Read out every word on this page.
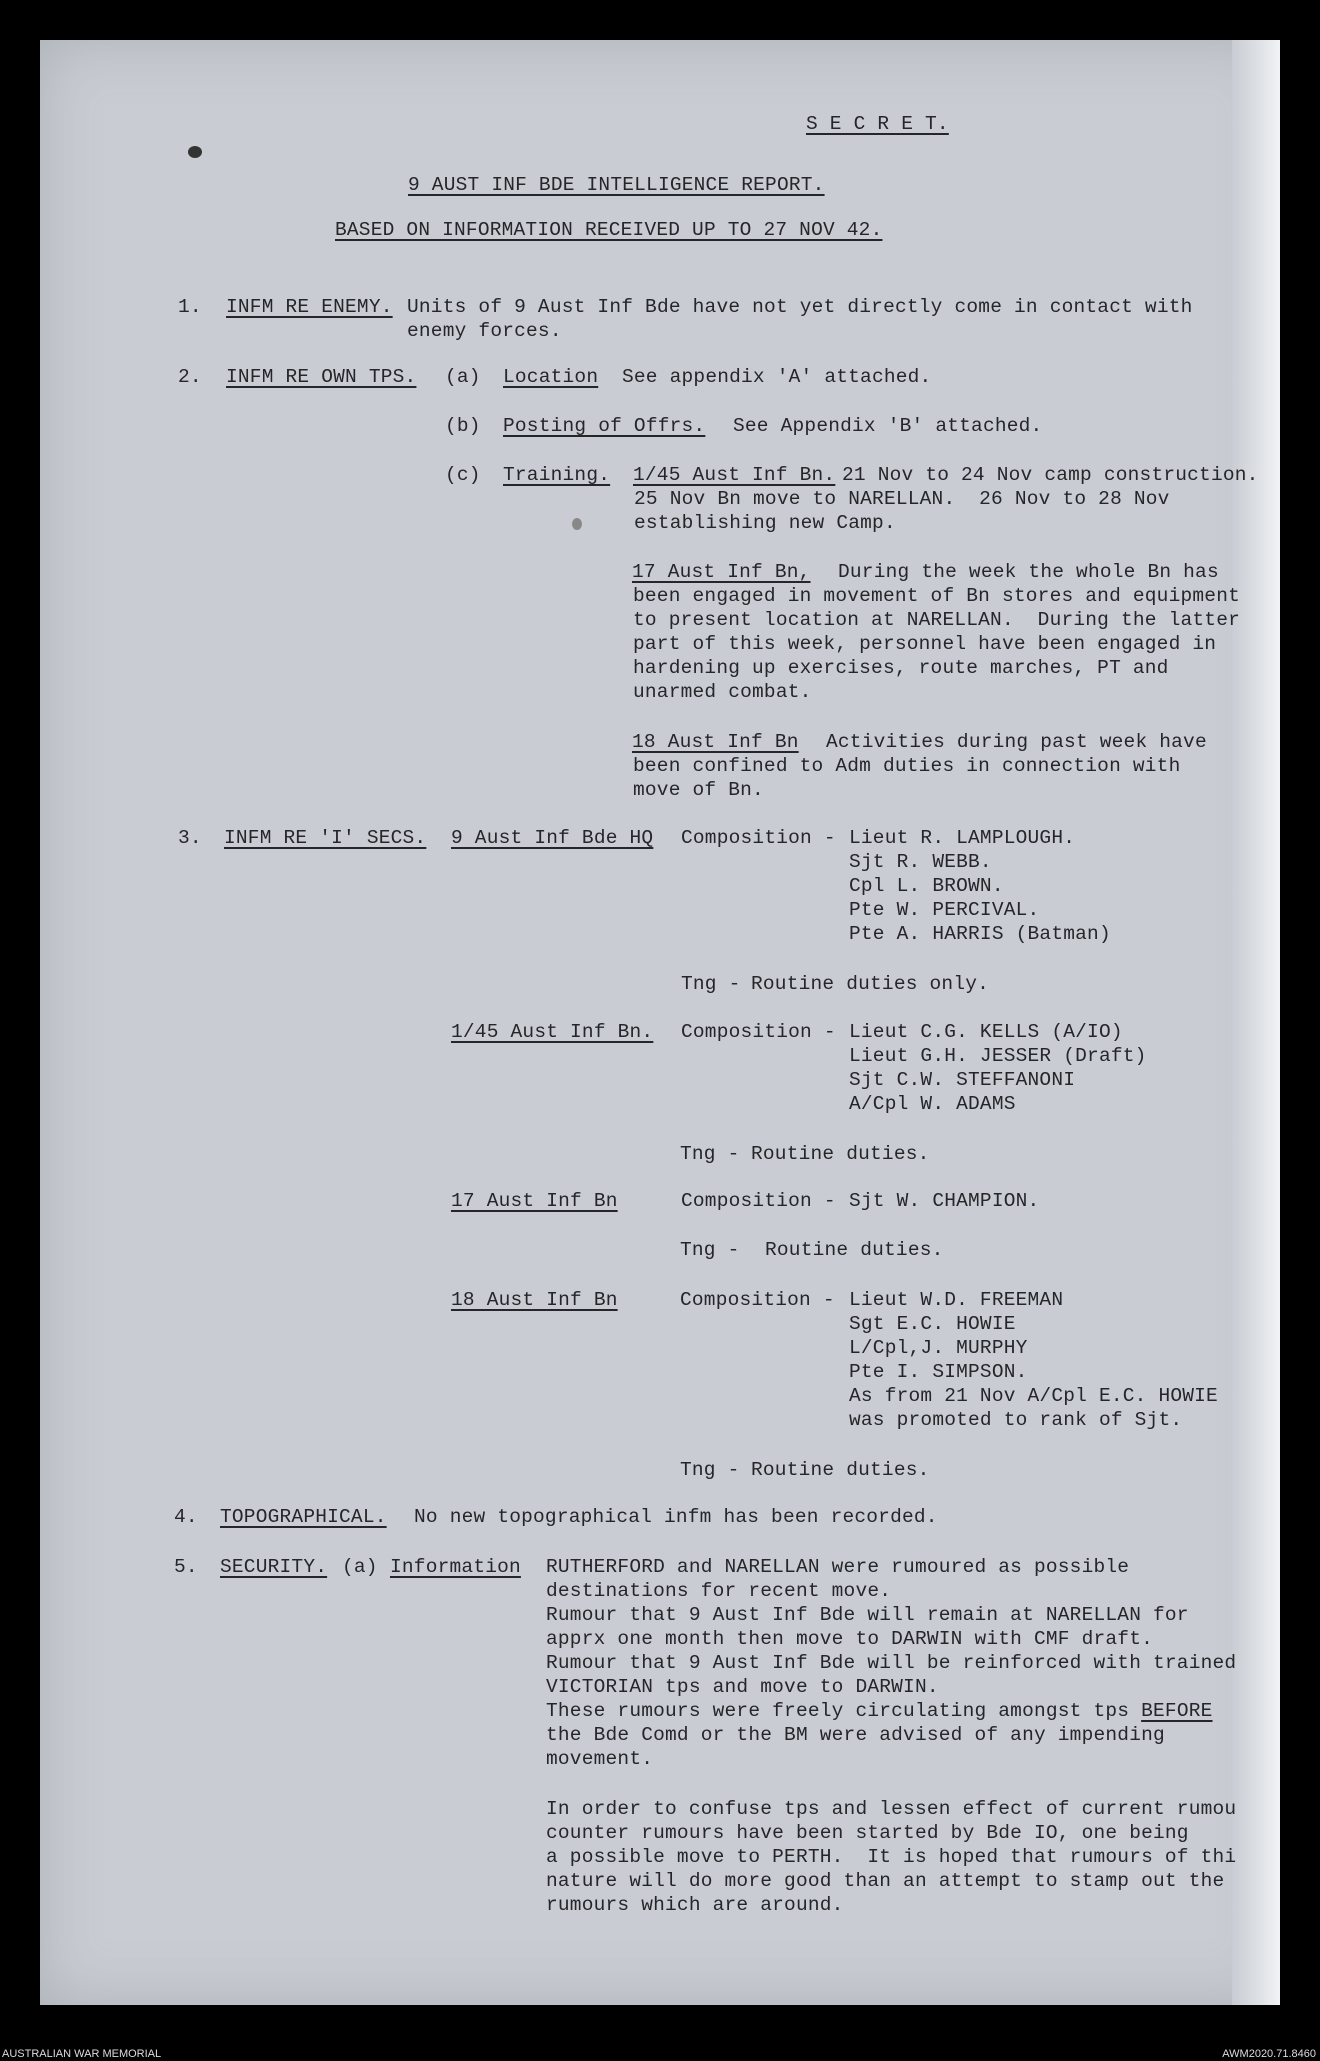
S E C R E T.
9 AUST INF BDE INTELLIGENCE REPORT.
BASED ON INFORMATION RECEIVED UP TO 27 NOV 42.
1. INFM RE ENEMY. Units of 9 Aust Inf Bde have not yet directly come in contact with
enemy forces.
2. INFM RE OWN TPS. (a) Location See appendix 'A' attached.
(b) Posting of Offrs. See Appendix 'B' attached.
(c) Training. 1/45 Aust Inf Bn. 21 Nov to 24 Nov camp construction.
25 Nov Bn move to NARELLAN.  26 Nov to 28 Nov
establishing new Camp.
17 Aust Inf Bn, During the week the whole Bn has
been engaged in movement of Bn stores and equipment
to present location at NARELLAN.  During the latter
part of this week, personnel have been engaged in
hardening up exercises, route marches, PT and
unarmed combat.
18 Aust Inf Bn Activities during past week have
been confined to Adm duties in connection with
move of Bn.
3. INFM RE 'I' SECS. 9 Aust Inf Bde HQ Composition - Lieut R. LAMPLOUGH.
Sjt R. WEBB.
Cpl L. BROWN.
Pte W. PERCIVAL.
Pte A. HARRIS (Batman)
Tng - Routine duties only.
1/45 Aust Inf Bn. Composition - Lieut C.G. KELLS (A/IO)
Lieut G.H. JESSER (Draft)
Sjt C.W. STEFFANONI
A/Cpl W. ADAMS
Tng - Routine duties.
17 Aust Inf Bn	Composition - Sjt W. CHAMPION.
Tng - Routine duties.
18 Aust Inf Bn	Composition - Lieut W.D. FREEMAN
Sgt E.C. HOWIE
L/Cpl,J. MURPHY
Pte I. SIMPSON.
As from 21 Nov A/Cpl E.C. HOWIE
was promoted to rank of Sjt.
Tng - Routine duties.
4. TOPOGRAPHICAL. No new topographical infm has been recorded.
5. SECURITY. (a) Information RUTHERFORD and NARELLAN were rumoured as possible
destinations for recent move.
Rumour that 9 Aust Inf Bde will remain at NARELLAN for
apprx one month then move to DARWIN with CMF draft.
Rumour that 9 Aust Inf Bde will be reinforced with trained
VICTORIAN tps and move to DARWIN.
These rumours were freely circulating amongst tps BEFORE
the Bde Comd or the BM were advised of any impending
movement.
In order to confuse tps and lessen effect of current rumou
counter rumours have been started by Bde IO, one being
a possible move to PERTH.  It is hoped that rumours of thi
nature will do more good than an attempt to stamp out the
rumours which are around.
AUSTRALIAN WAR MEMORIAL	AWM2020.71.8460
